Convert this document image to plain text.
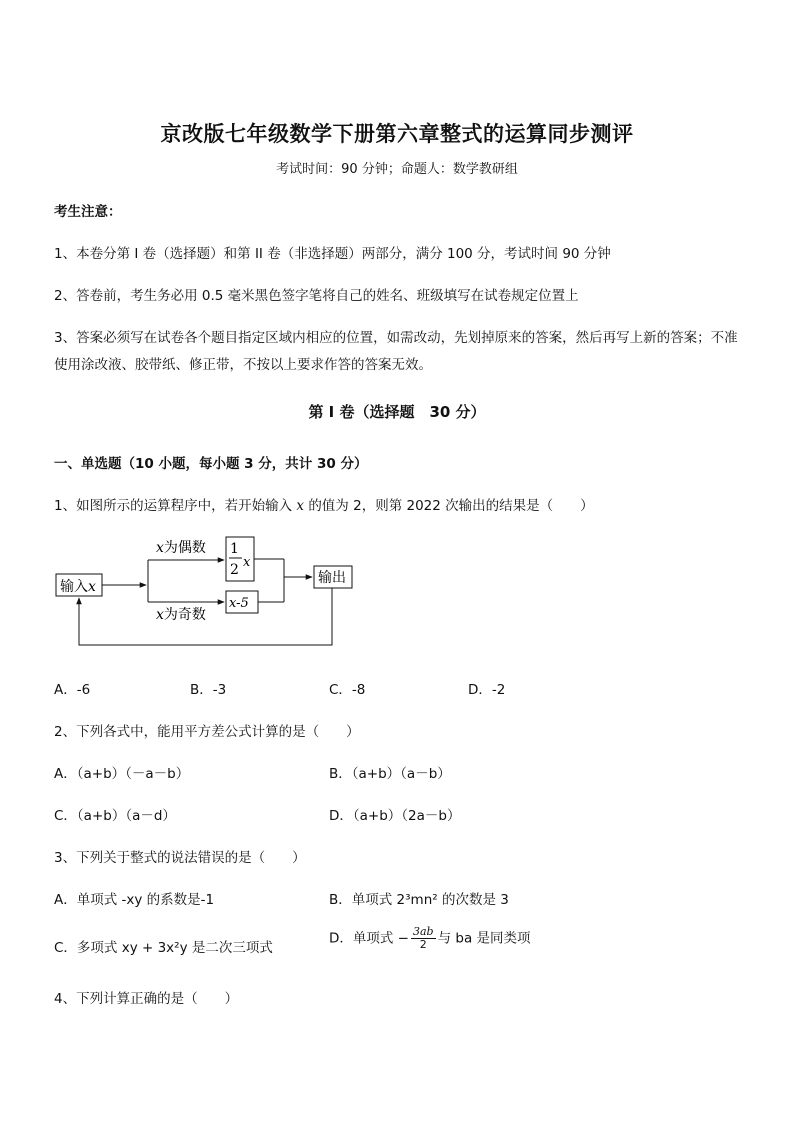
京改版七年级数学下册第六章整式的运算同步测评
考试时间：90 分钟；命题人：数学教研组
考生注意：
1、本卷分第 I 卷（选择题）和第 II 卷（非选择题）两部分，满分 100 分，考试时间 90 分钟
2、答卷前，考生务必用 0.5 毫米黑色签字笔将自己的姓名、班级填写在试卷规定位置上
3、答案必须写在试卷各个题目指定区域内相应的位置，如需改动，先划掉原来的答案，然后再写上新的答案；不准使用涂改液、胶带纸、修正带，不按以上要求作答的答案无效。
第 I 卷（选择题　30 分）
一、单选题（10 小题，每小题 3 分，共计 30 分）
1、如图所示的运算程序中，若开始输入 x 的值为 2，则第 2022 次输出的结果是（　　）
输入x
x为偶数
x为奇数
1
2 x
x-5
输出
A．-6	B．-3	C．-8	D．-2
2、下列各式中，能用平方差公式计算的是（　　）
A．（a+b）（－a－b）	B．（a+b）（a－b）
C．（a+b）（a－d）	D．（a+b）（2a－b）
3、下列关于整式的说法错误的是（　　）
A．单项式 -xy 的系数是-1	B．单项式 2³mn² 的次数是 3
C．多项式 xy + 3x²y 是二次三项式
D．单项式 − $\frac{3ab}{2}$ 与 ba 是同类项
4、下列计算正确的是（　　）
